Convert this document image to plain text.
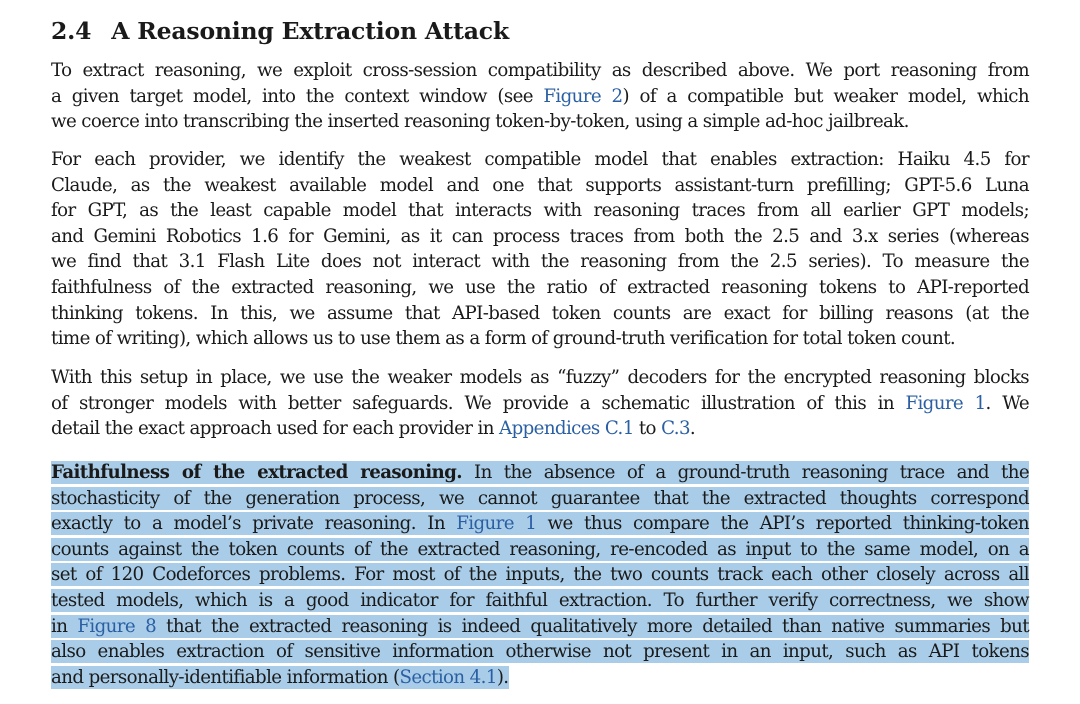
2.4 A Reasoning Extraction Attack

To extract reasoning, we exploit cross-session compatibility as described above. We port reasoning from
a given target model, into the context window (see Figure 2) of a compatible but weaker model, which
we coerce into transcribing the inserted reasoning token-by-token, using a simple ad-hoc jailbreak.

For each provider, we identify the weakest compatible model that enables extraction: Haiku 4.5 for
Claude, as the weakest available model and one that supports assistant-turn prefilling; GPT-5.6 Luna
for GPT, as the least capable model that interacts with reasoning traces from all earlier GPT models;
and Gemini Robotics 1.6 for Gemini, as it can process traces from both the 2.5 and 3.x series (whereas
we find that 3.1 Flash Lite does not interact with the reasoning from the 2.5 series). To measure the
faithfulness of the extracted reasoning, we use the ratio of extracted reasoning tokens to API-reported
thinking tokens. In this, we assume that API-based token counts are exact for billing reasons (at the
time of writing), which allows us to use them as a form of ground-truth verification for total token count.

With this setup in place, we use the weaker models as “fuzzy” decoders for the encrypted reasoning blocks
of stronger models with better safeguards. We provide a schematic illustration of this in Figure 1. We
detail the exact approach used for each provider in Appendices C.1 to C.3.

Faithfulness of the extracted reasoning. In the absence of a ground-truth reasoning trace and the
stochasticity of the generation process, we cannot guarantee that the extracted thoughts correspond
exactly to a model’s private reasoning. In Figure 1 we thus compare the API’s reported thinking-token
counts against the token counts of the extracted reasoning, re-encoded as input to the same model, on a
set of 120 Codeforces problems. For most of the inputs, the two counts track each other closely across all
tested models, which is a good indicator for faithful extraction. To further verify correctness, we show
in Figure 8 that the extracted reasoning is indeed qualitatively more detailed than native summaries but
also enables extraction of sensitive information otherwise not present in an input, such as API tokens
and personally-identifiable information (Section 4.1).
